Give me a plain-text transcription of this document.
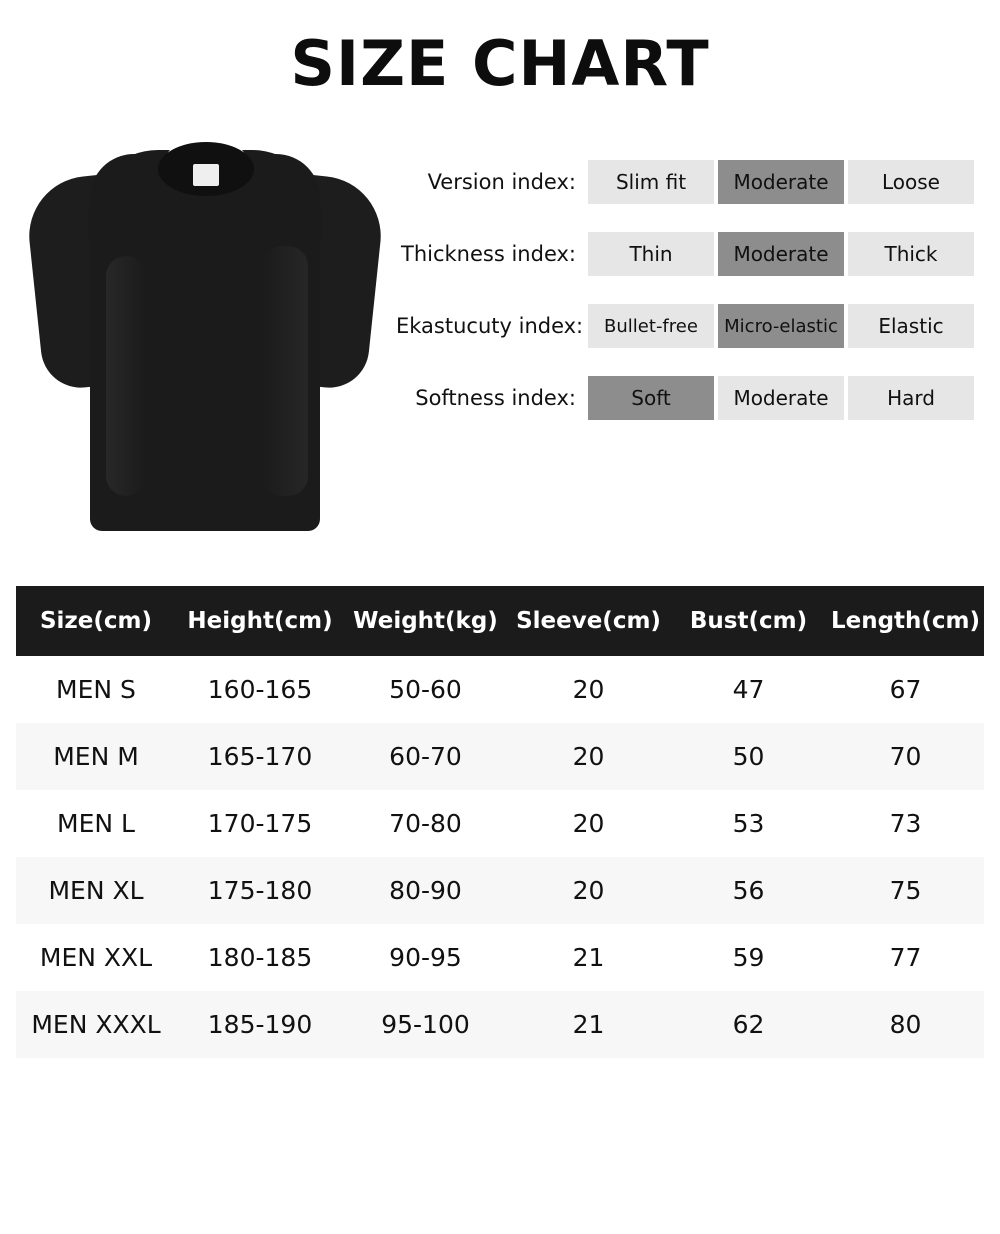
SIZE CHART
Version index:	Slim fit	Moderate	Loose
Thickness index:	Thin	Moderate	Thick
Ekastucuty index:	Bullet-free	Micro-elastic	Elastic
Softness index:	Soft	Moderate	Hard
Size(cm)	Height(cm)	Weight(kg)	Sleeve(cm)	Bust(cm)	Length(cm)
MEN S	160-165	50-60	20	47	67
MEN M	165-170	60-70	20	50	70
MEN L	170-175	70-80	20	53	73
MEN XL	175-180	80-90	20	56	75
MEN XXL	180-185	90-95	21	59	77
MEN XXXL	185-190	95-100	21	62	80
